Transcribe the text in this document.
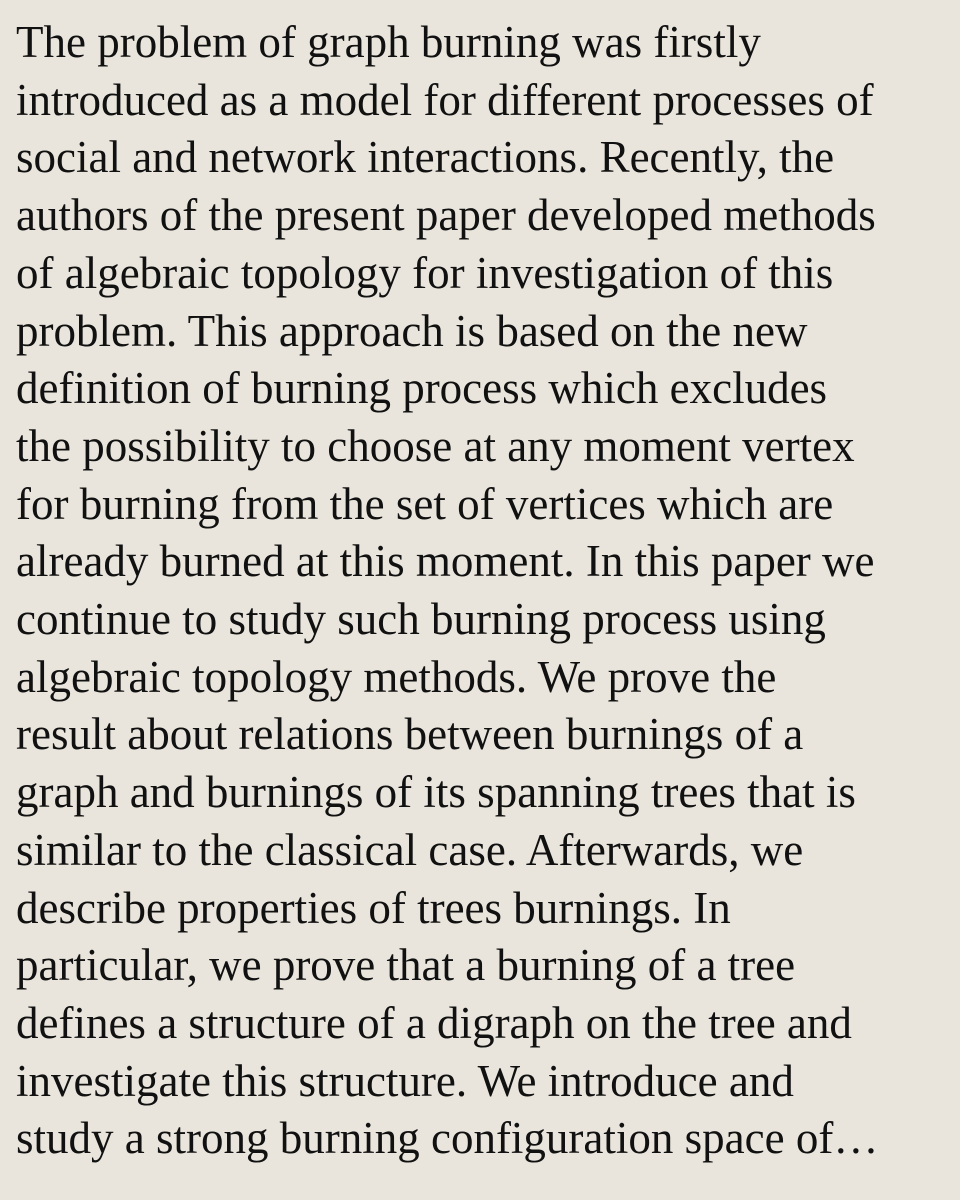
The problem of graph burning was firstly
introduced as a model for different processes of
social and network interactions. Recently, the
authors of the present paper developed methods
of algebraic topology for investigation of this
problem. This approach is based on the new
definition of burning process which excludes
the possibility to choose at any moment vertex
for burning from the set of vertices which are
already burned at this moment. In this paper we
continue to study such burning process using
algebraic topology methods. We prove the
result about relations between burnings of a
graph and burnings of its spanning trees that is
similar to the classical case. Afterwards, we
describe properties of trees burnings. In
particular, we prove that a burning of a tree
defines a structure of a digraph on the tree and
investigate this structure. We introduce and
study a strong burning configuration space of…
